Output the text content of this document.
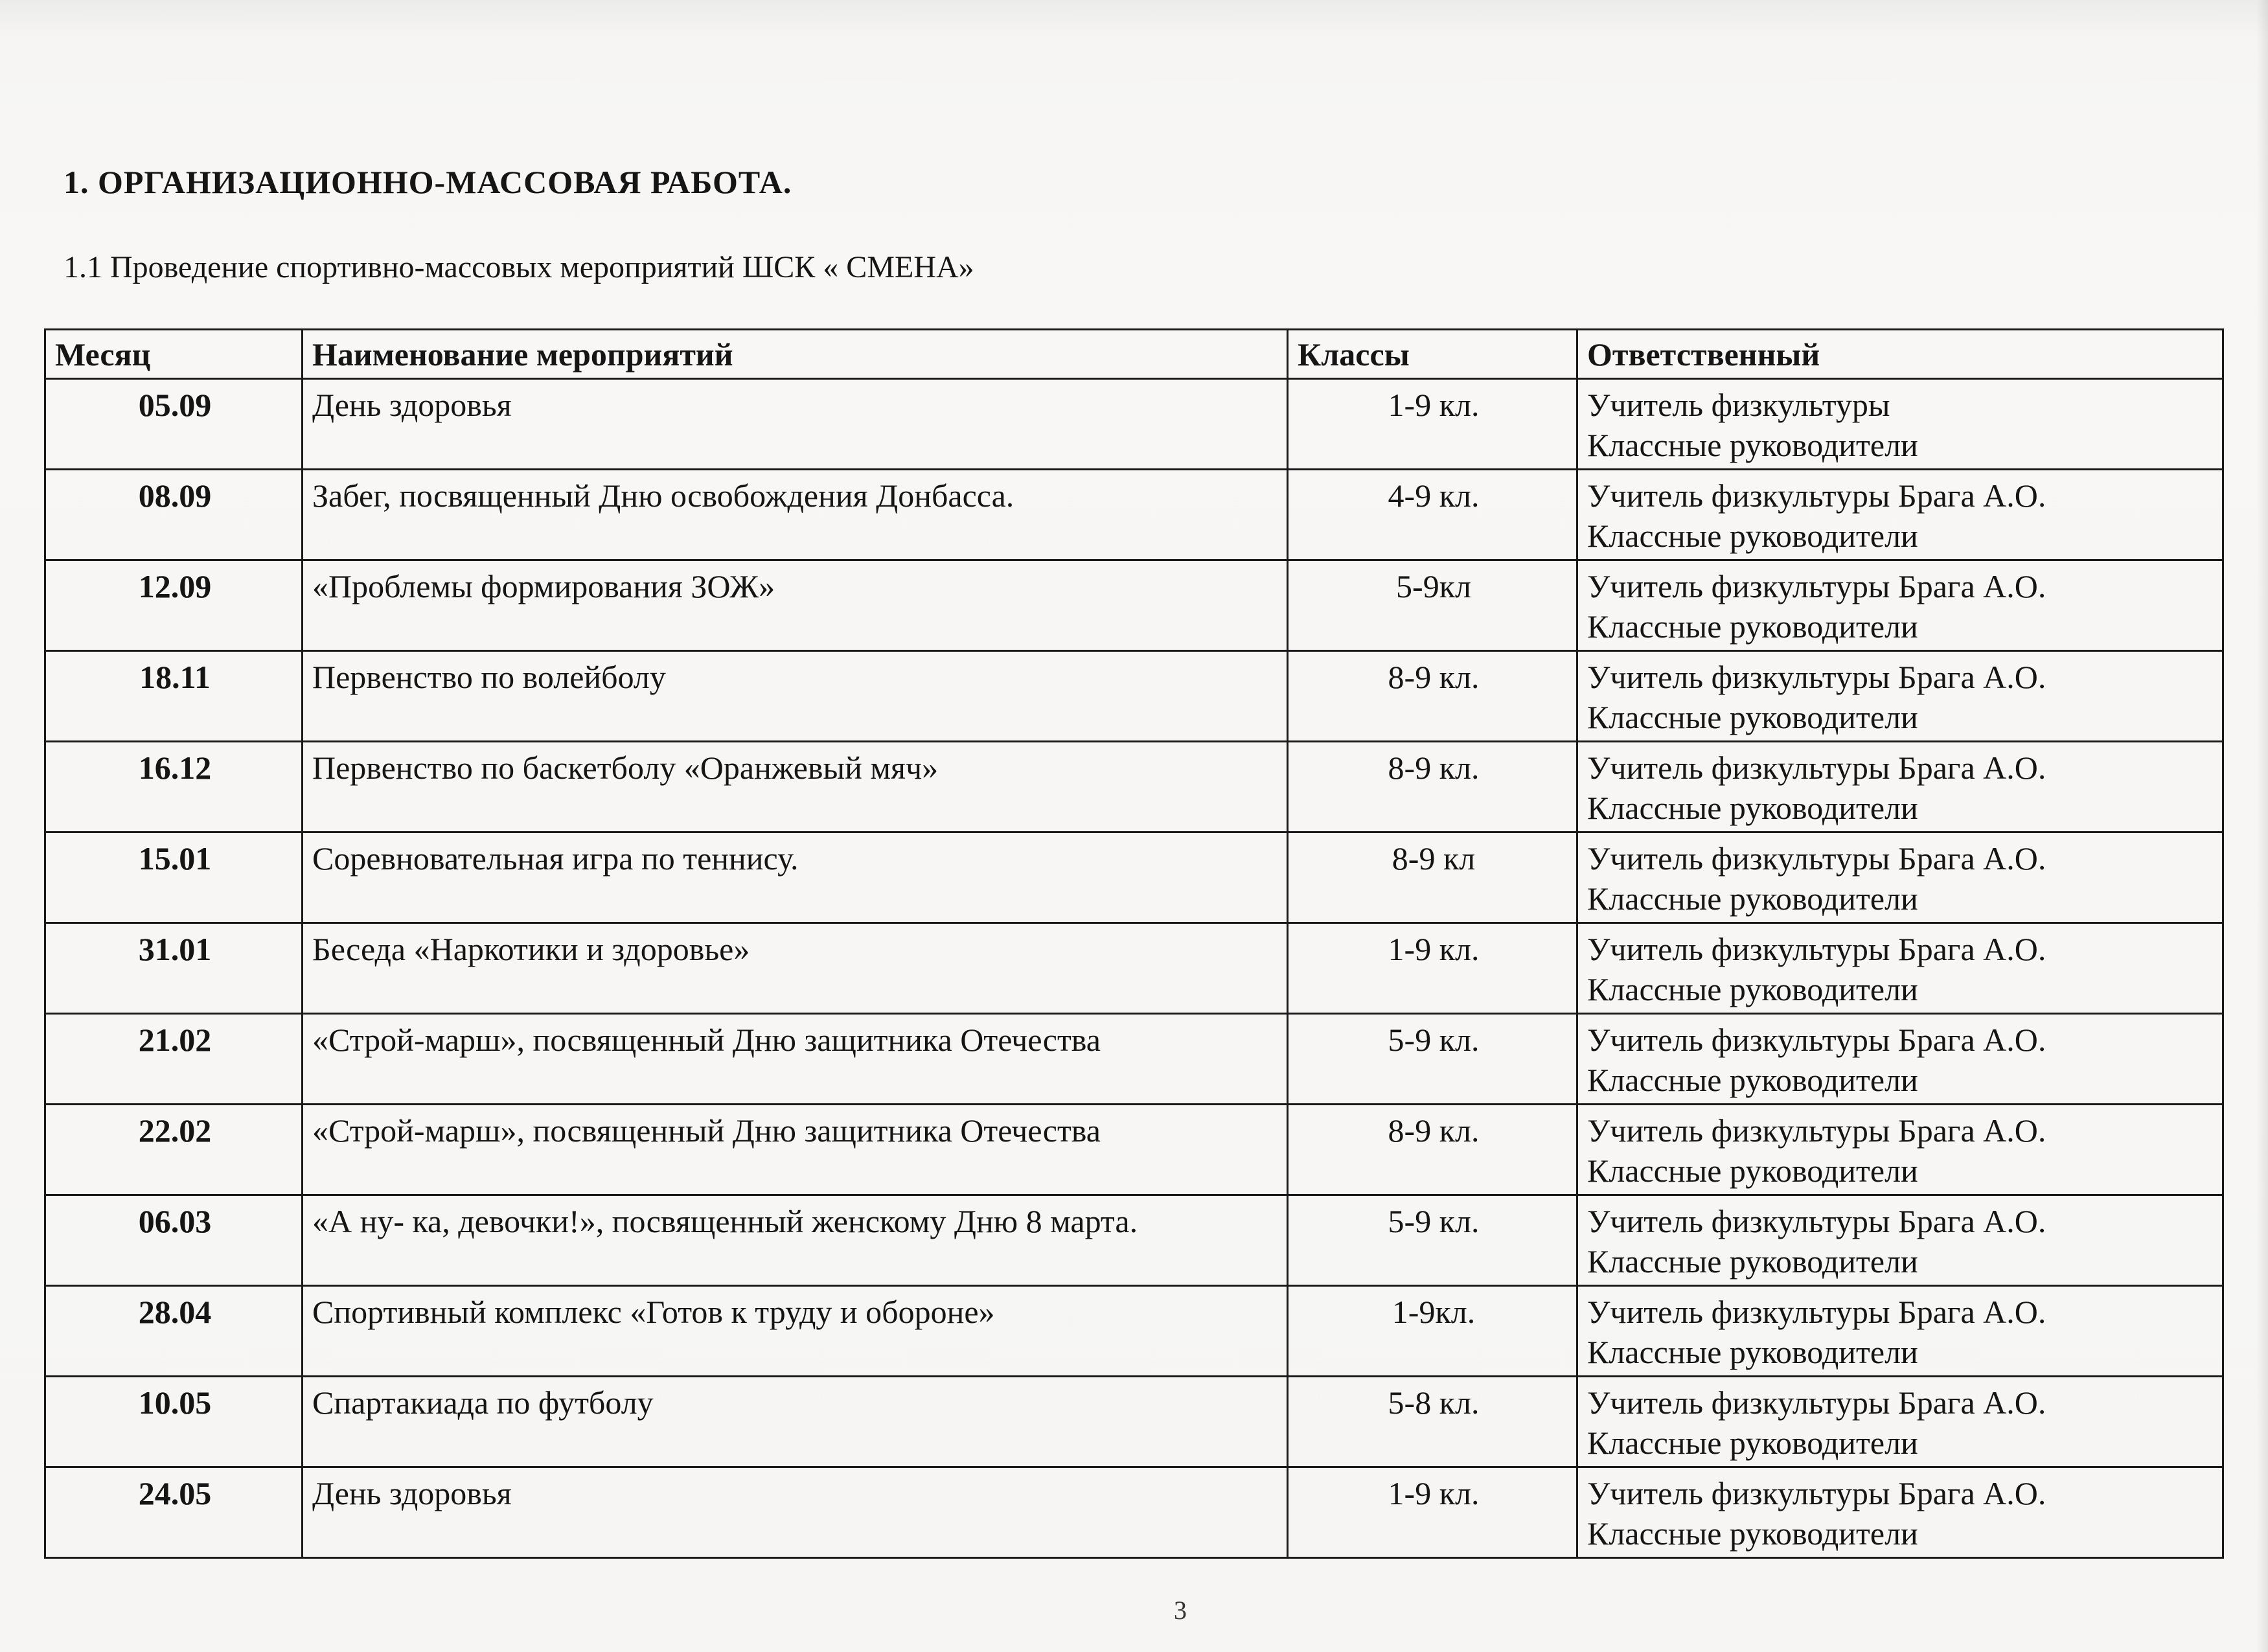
1. ОРГАНИЗАЦИОННО-МАССОВАЯ РАБОТА.
1.1 Проведение спортивно-массовых мероприятий ШСК « СМЕНА»
Месяц	Наименование мероприятий	Классы	Ответственный
05.09	День здоровья	1-9 кл.	Учитель физкультуры
Классные руководители

08.09	Забег, посвященный Дню освобождения Донбасса.	4-9 кл.	Учитель физкультуры Брага А.О.
Классные руководители

12.09	«Проблемы формирования ЗОЖ»	5-9кл	Учитель физкультуры Брага А.О.
Классные руководители

18.11	Первенство по волейболу	8-9 кл.	Учитель физкультуры Брага А.О.
Классные руководители

16.12	Первенство по баскетболу «Оранжевый мяч»	8-9 кл.	Учитель физкультуры Брага А.О.
Классные руководители

15.01	Соревновательная игра по теннису.	8-9 кл	Учитель физкультуры Брага А.О.
Классные руководители

31.01	Беседа «Наркотики и здоровье»	1-9 кл.	Учитель физкультуры Брага А.О.
Классные руководители

21.02	«Строй-марш», посвященный Дню защитника Отечества	5-9 кл.	Учитель физкультуры Брага А.О.
Классные руководители

22.02	«Строй-марш», посвященный Дню защитника Отечества	8-9 кл.	Учитель физкультуры Брага А.О.
Классные руководители

06.03	«А ну- ка, девочки!», посвященный женскому Дню 8 марта.	5-9 кл.	Учитель физкультуры Брага А.О.
Классные руководители

28.04	Спортивный комплекс «Готов к труду и обороне»	1-9кл.	Учитель физкультуры Брага А.О.
Классные руководители

10.05	Спартакиада по футболу	5-8 кл.	Учитель физкультуры Брага А.О.
Классные руководители

24.05	День здоровья	1-9 кл.	Учитель физкультуры Брага А.О.
Классные руководители
3
